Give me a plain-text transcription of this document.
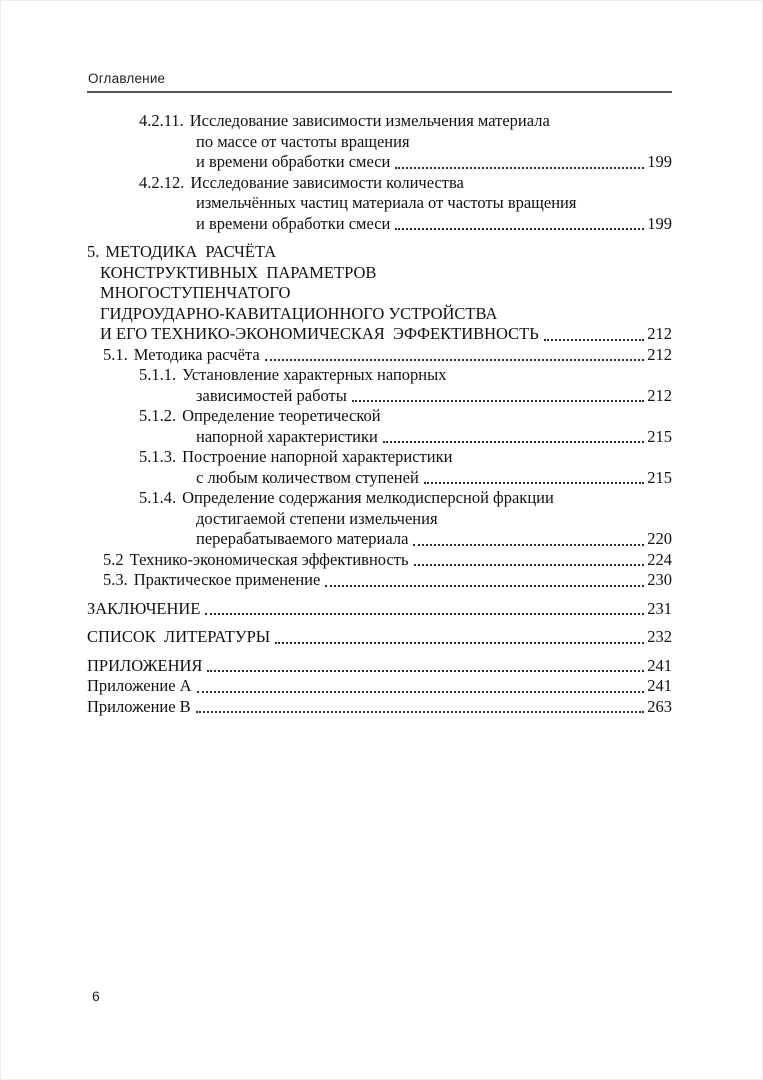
Оглавление
4.2.11. Исследование зависимости измельчения материала
по массе от частоты вращения
и времени обработки смеси	199
4.2.12. Исследование зависимости количества
измельчённых частиц материала от частоты вращения
и времени обработки смеси	199
5. МЕТОДИКА  РАСЧЁТА
КОНСТРУКТИВНЫХ  ПАРАМЕТРОВ
МНОГОСТУПЕНЧАТОГО
ГИДРОУДАРНО-КАВИТАЦИОННОГО УСТРОЙСТВА
И ЕГО ТЕХНИКО-ЭКОНОМИЧЕСКАЯ  ЭФФЕКТИВНОСТЬ	212
5.1. Методика расчёта	212
5.1.1. Установление характерных напорных
зависимостей работы	212
5.1.2. Определение теоретической
напорной характеристики	215
5.1.3. Построение напорной характеристики
с любым количеством ступеней	215
5.1.4. Определение содержания мелкодисперсной фракции
достигаемой степени измельчения
перерабатываемого материала	220
5.2 Технико-экономическая эффективность	224
5.3. Практическое применение	230
ЗАКЛЮЧЕНИЕ	231
СПИСОК  ЛИТЕРАТУРЫ	232
ПРИЛОЖЕНИЯ	241
Приложение А	241
Приложение В	263
6
